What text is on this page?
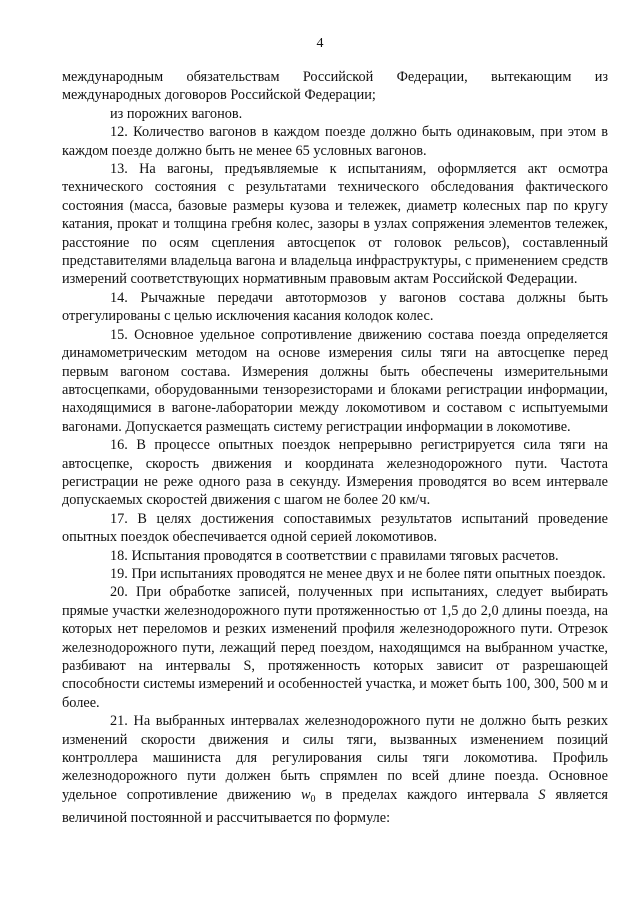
4

международным обязательствам Российской Федерации, вытекающим из международных договоров Российской Федерации;

из порожних вагонов.

12. Количество вагонов в каждом поезде должно быть одинаковым, при этом в каждом поезде должно быть не менее 65 условных вагонов.

13. На вагоны, предъявляемые к испытаниям, оформляется акт осмотра технического состояния с результатами технического обследования фактического состояния (масса, базовые размеры кузова и тележек, диаметр колесных пар по кругу катания, прокат и толщина гребня колес, зазоры в узлах сопряжения элементов тележек, расстояние по осям сцепления автосцепок от головок рельсов), составленный представителями владельца вагона и владельца инфраструктуры, с применением средств измерений соответствующих нормативным правовым актам Российской Федерации.

14. Рычажные передачи автотормозов у вагонов состава должны быть отрегулированы с целью исключения касания колодок колес.

15. Основное удельное сопротивление движению состава поезда определяется динамометрическим методом на основе измерения силы тяги на автосцепке перед первым вагоном состава. Измерения должны быть обеспечены измерительными автосцепками, оборудованными тензорезисторами и блоками регистрации информации, находящимися в вагоне-лаборатории между локомотивом и составом с испытуемыми вагонами. Допускается размещать систему регистрации информации в локомотиве.

16. В процессе опытных поездок непрерывно регистрируется сила тяги на автосцепке, скорость движения и координата железнодорожного пути. Частота регистрации не реже одного раза в секунду. Измерения проводятся во всем интервале допускаемых скоростей движения с шагом не более 20 км/ч.

17. В целях достижения сопоставимых результатов испытаний проведение опытных поездок обеспечивается одной серией локомотивов.

18. Испытания проводятся в соответствии с правилами тяговых расчетов.

19. При испытаниях проводятся не менее двух и не более пяти опытных поездок.

20. При обработке записей, полученных при испытаниях, следует выбирать прямые участки железнодорожного пути протяженностью от 1,5 до 2,0 длины поезда, на которых нет переломов и резких изменений профиля железнодорожного пути. Отрезок железнодорожного пути, лежащий перед поездом, находящимся на выбранном участке, разбивают на интервалы S, протяженность которых зависит от разрешающей способности системы измерений и особенностей участка, и может быть 100, 300, 500 м и более.

21. На выбранных интервалах железнодорожного пути не должно быть резких изменений скорости движения и силы тяги, вызванных изменением позиций контроллера машиниста для регулирования силы тяги локомотива. Профиль железнодорожного пути должен быть спрямлен по всей длине поезда. Основное удельное сопротивление движению $w_0$ в пределах каждого интервала S является величиной постоянной и рассчитывается по формуле:
